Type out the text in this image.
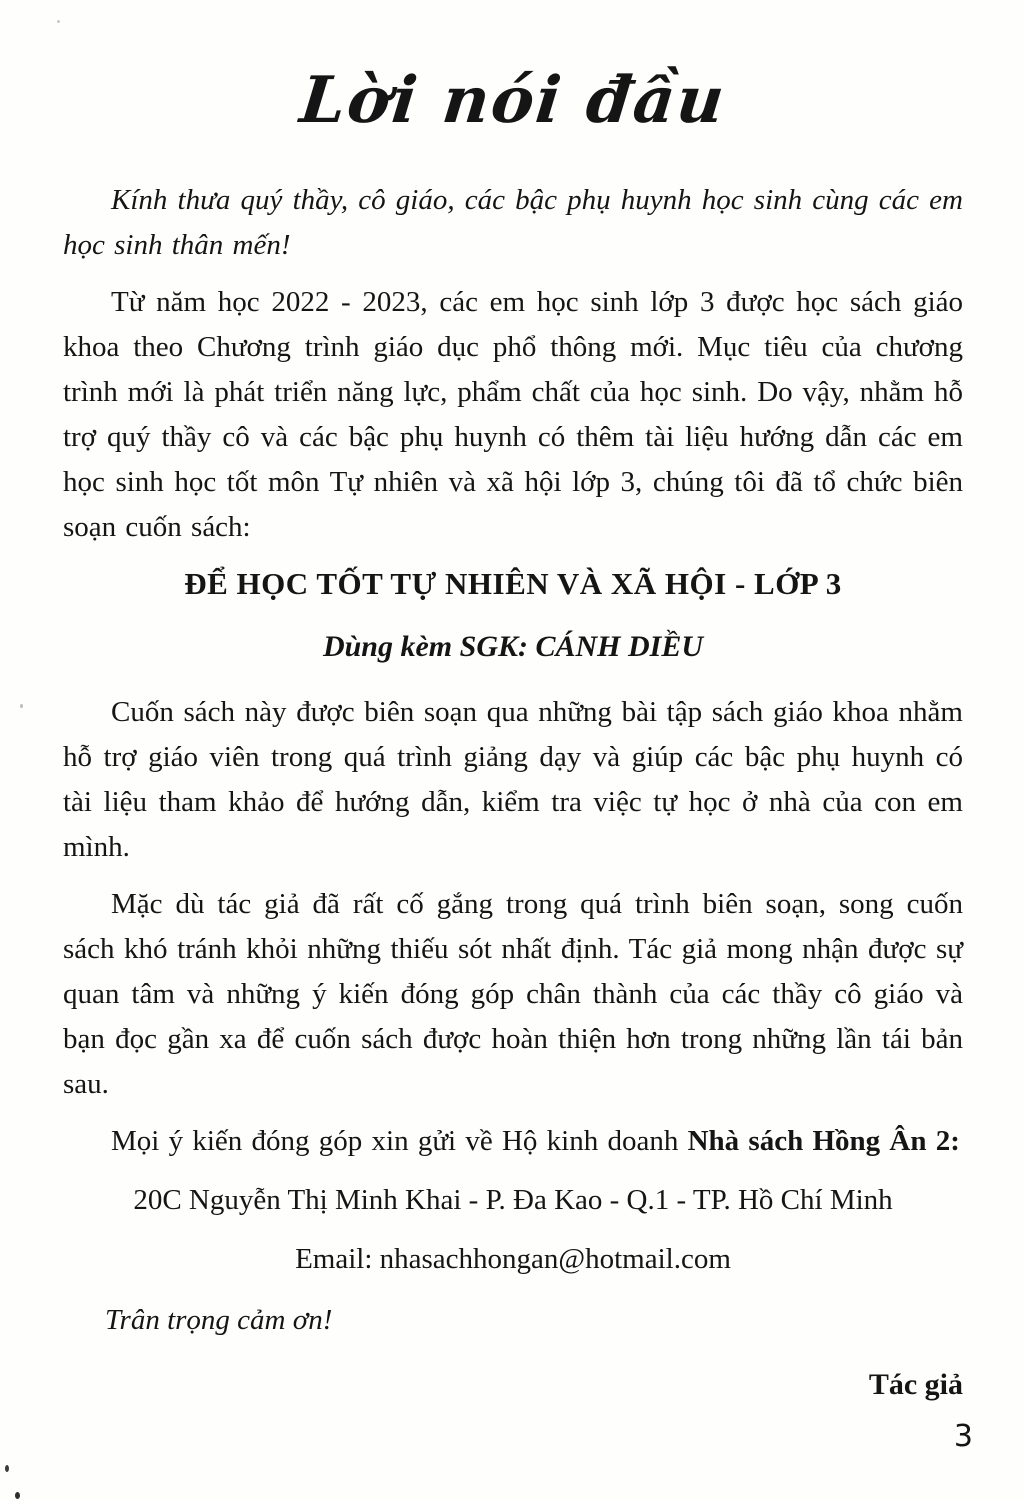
Lời nói đầu

Kính thưa quý thầy, cô giáo, các bậc phụ huynh học sinh cùng các em học sinh thân mến!

Từ năm học 2022 - 2023, các em học sinh lớp 3 được học sách giáo khoa theo Chương trình giáo dục phổ thông mới. Mục tiêu của chương trình mới là phát triển năng lực, phẩm chất của học sinh. Do vậy, nhằm hỗ trợ quý thầy cô và các bậc phụ huynh có thêm tài liệu hướng dẫn các em học sinh học tốt môn Tự nhiên và xã hội lớp 3, chúng tôi đã tổ chức biên soạn cuốn sách:

ĐỂ HỌC TỐT TỰ NHIÊN VÀ XÃ HỘI - LỚP 3
Dùng kèm SGK: CÁNH DIỀU

Cuốn sách này được biên soạn qua những bài tập sách giáo khoa nhằm hỗ trợ giáo viên trong quá trình giảng dạy và giúp các bậc phụ huynh có tài liệu tham khảo để hướng dẫn, kiểm tra việc tự học ở nhà của con em mình.

Mặc dù tác giả đã rất cố gắng trong quá trình biên soạn, song cuốn sách khó tránh khỏi những thiếu sót nhất định. Tác giả mong nhận được sự quan tâm và những ý kiến đóng góp chân thành của các thầy cô giáo và bạn đọc gần xa để cuốn sách được hoàn thiện hơn trong những lần tái bản sau.

Mọi ý kiến đóng góp xin gửi về Hộ kinh doanh Nhà sách Hồng Ân 2:

20C Nguyễn Thị Minh Khai - P. Đa Kao - Q.1 - TP. Hồ Chí Minh

Email: nhasachhongan@hotmail.com

Trân trọng cảm ơn!

Tác giả

3
